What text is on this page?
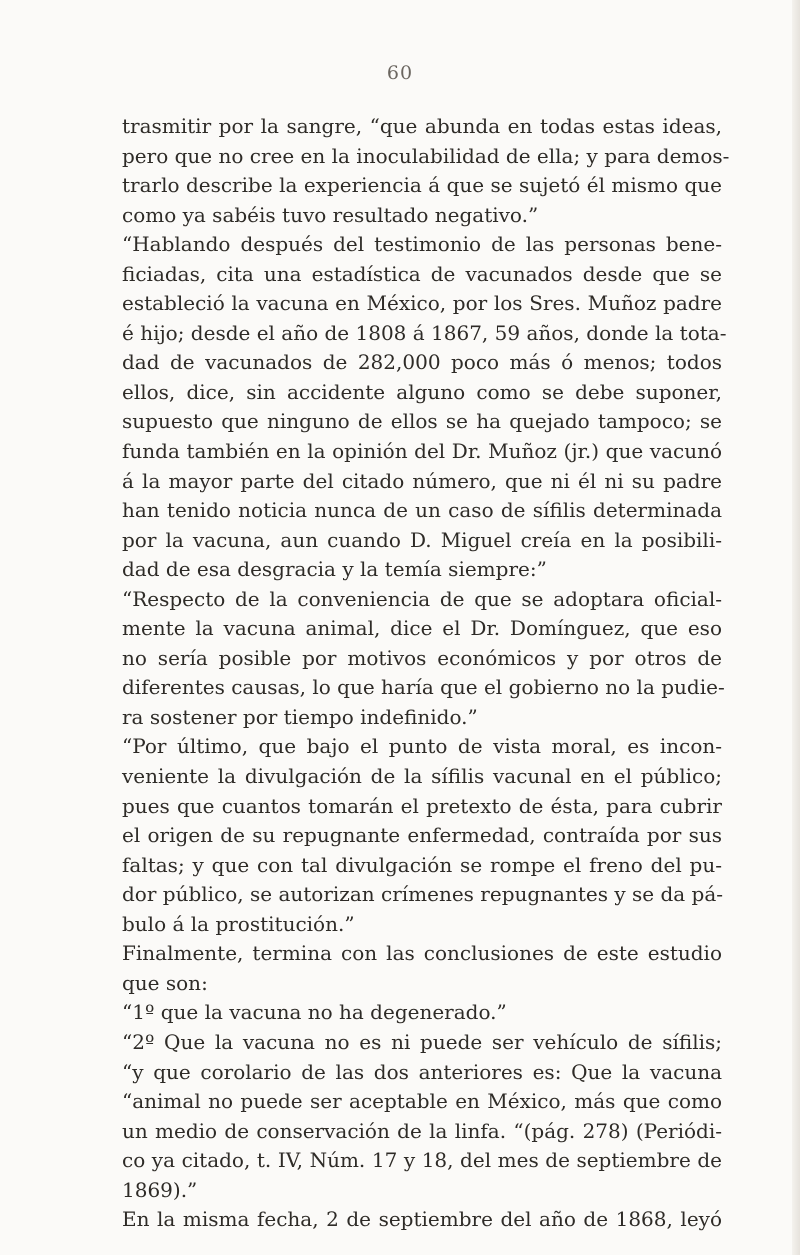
60
trasmitir por la sangre, “que abunda en todas estas ideas,
pero que no cree en la inoculabilidad de ella; y para demos-
trarlo describe la experiencia á que se sujetó él mismo que
como ya sabéis tuvo resultado negativo.”
“Hablando después del testimonio de las personas bene-
ficiadas, cita una estadística de vacunados desde que se
estableció la vacuna en México, por los Sres. Muñoz padre
é hijo; desde el año de 1808 á 1867, 59 años, donde la tota-
dad de vacunados de 282,000 poco más ó menos; todos
ellos, dice, sin accidente alguno como se debe suponer,
supuesto que ninguno de ellos se ha quejado tampoco; se
funda también en la opinión del Dr. Muñoz (jr.) que vacunó
á la mayor parte del citado número, que ni él ni su padre
han tenido noticia nunca de un caso de sífilis determinada
por la vacuna, aun cuando D. Miguel creía en la posibili-
dad de esa desgracia y la temía siempre:”
“Respecto de la conveniencia de que se adoptara oficial-
mente la vacuna animal, dice el Dr. Domínguez, que eso
no sería posible por motivos económicos y por otros de
diferentes causas, lo que haría que el gobierno no la pudie-
ra sostener por tiempo indefinido.”
“Por último, que bajo el punto de vista moral, es incon-
veniente la divulgación de la sífilis vacunal en el público;
pues que cuantos tomarán el pretexto de ésta, para cubrir
el origen de su repugnante enfermedad, contraída por sus
faltas; y que con tal divulgación se rompe el freno del pu-
dor público, se autorizan crímenes repugnantes y se da pá-
bulo á la prostitución.”
Finalmente, termina con las conclusiones de este estudio
que son:
“1º que la vacuna no ha degenerado.”
“2º Que la vacuna no es ni puede ser vehículo de sífilis;
“y que corolario de las dos anteriores es: Que la vacuna
“animal no puede ser aceptable en México, más que como
un medio de conservación de la linfa. “(pág. 278) (Periódi-
co ya citado, t. IV, Núm. 17 y 18, del mes de septiembre de
1869).”
En la misma fecha, 2 de septiembre del año de 1868, leyó
